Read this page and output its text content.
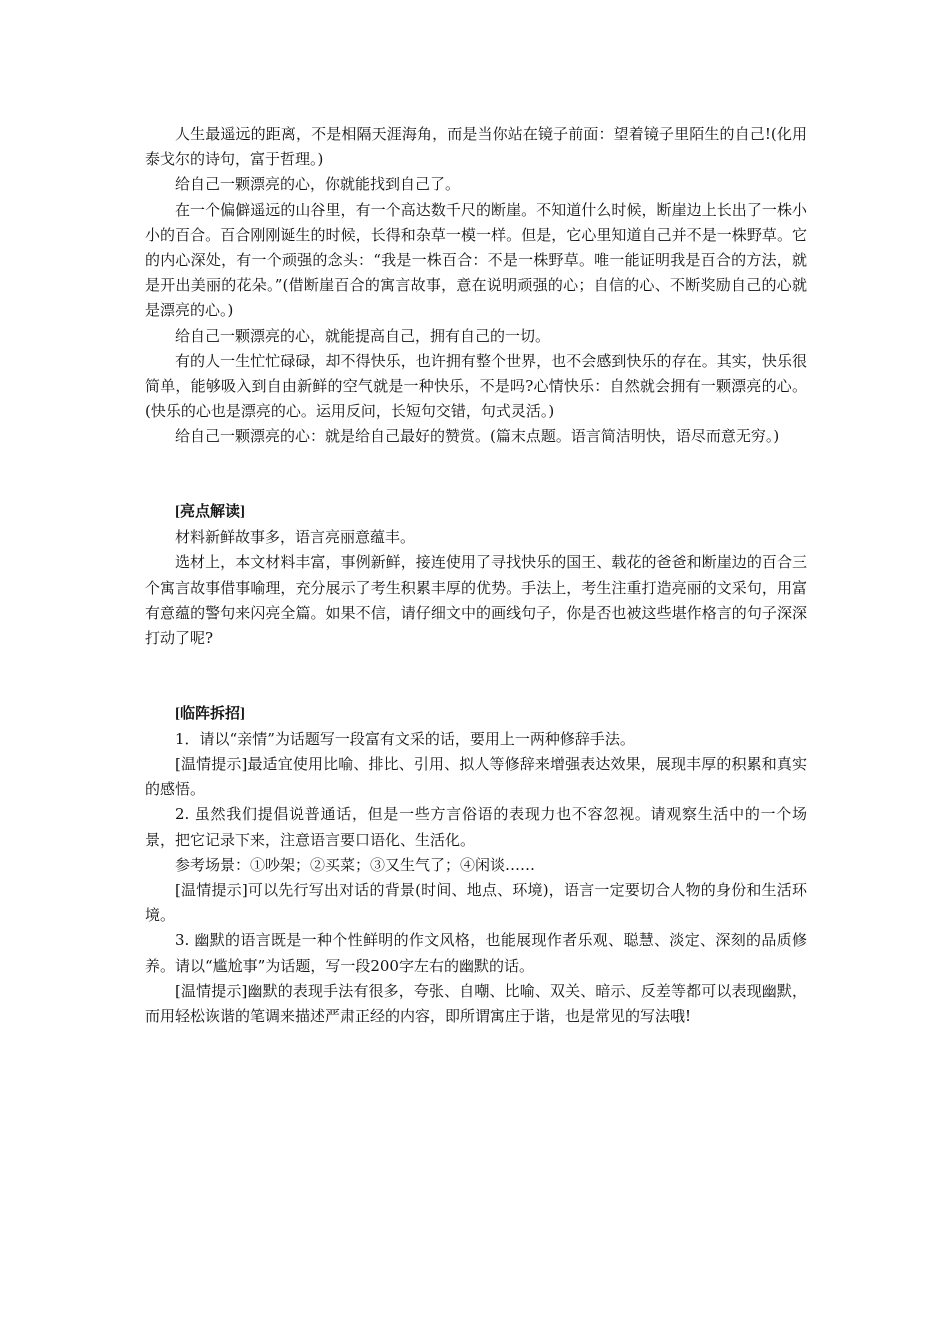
人生最遥远的距离，不是相隔天涯海角，而是当你站在镜子前面：望着镜子里陌生的自己!(化用泰戈尔的诗句，富于哲理。)

给自己一颗漂亮的心，你就能找到自己了。

在一个偏僻遥远的山谷里，有一个高达数千尺的断崖。不知道什么时候，断崖边上长出了一株小小的百合。百合刚刚诞生的时候，长得和杂草一模一样。但是，它心里知道自己并不是一株野草。它的内心深处，有一个顽强的念头：“我是一株百合：不是一株野草。唯一能证明我是百合的方法，就是开出美丽的花朵。”(借断崖百合的寓言故事，意在说明顽强的心；自信的心、不断奖励自己的心就是漂亮的心。)

给自己一颗漂亮的心，就能提高自己，拥有自己的一切。

有的人一生忙忙碌碌，却不得快乐，也许拥有整个世界，也不会感到快乐的存在。其实，快乐很简单，能够吸入到自由新鲜的空气就是一种快乐，不是吗?心情快乐：自然就会拥有一颗漂亮的心。(快乐的心也是漂亮的心。运用反问，长短句交错，句式灵活。)

给自己一颗漂亮的心：就是给自己最好的赞赏。(篇末点题。语言简洁明快，语尽而意无穷。)

[亮点解读]

材料新鲜故事多，语言亮丽意蕴丰。

选材上，本文材料丰富，事例新鲜，接连使用了寻找快乐的国王、载花的爸爸和断崖边的百合三个寓言故事借事喻理，充分展示了考生积累丰厚的优势。手法上，考生注重打造亮丽的文采句，用富有意蕴的警句来闪亮全篇。如果不信，请仔细文中的画线句子，你是否也被这些堪作格言的句子深深打动了呢?

[临阵拆招]

1．请以“亲情”为话题写一段富有文采的话，要用上一两种修辞手法。

[温情提示]最适宜使用比喻、排比、引用、拟人等修辞来增强表达效果，展现丰厚的积累和真实的感悟。

2. 虽然我们提倡说普通话，但是一些方言俗语的表现力也不容忽视。请观察生活中的一个场景，把它记录下来，注意语言要口语化、生活化。

参考场景：①吵架；②买菜；③又生气了；④闲谈……

[温情提示]可以先行写出对话的背景(时间、地点、环境)，语言一定要切合人物的身份和生活环境。

3. 幽默的语言既是一种个性鲜明的作文风格，也能展现作者乐观、聪慧、淡定、深刻的品质修养。请以“尴尬事”为话题，写一段200字左右的幽默的话。

[温情提示]幽默的表现手法有很多，夸张、自嘲、比喻、双关、暗示、反差等都可以表现幽默，而用轻松诙谐的笔调来描述严肃正经的内容，即所谓寓庄于谐，也是常见的写法哦!
